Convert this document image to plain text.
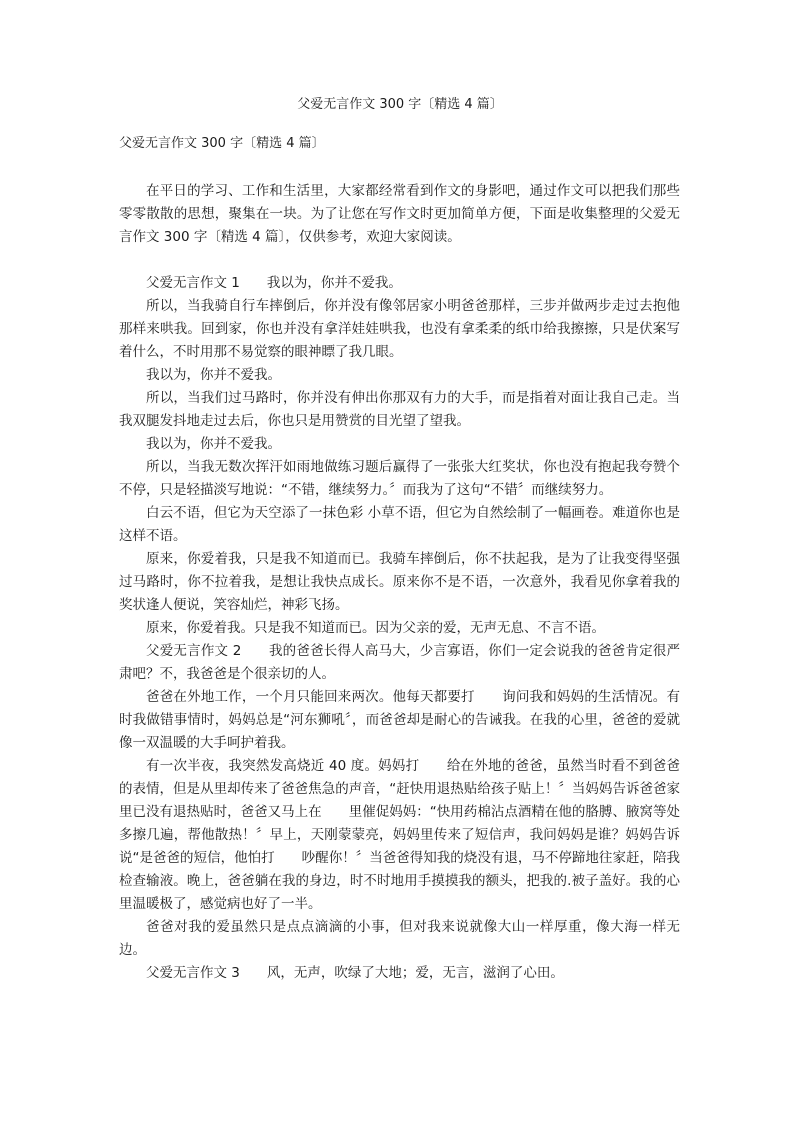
父爱无言作文 300 字〔精选 4 篇〕
父爱无言作文 300 字〔精选 4 篇〕

在平日的学习、工作和生活里，大家都经常看到作文的身影吧，通过作文可以把我们那些零零散散的思想，聚集在一块。为了让您在写作文时更加简单方便，下面是收集整理的父爱无言作文 300 字〔精选 4 篇〕，仅供参考，欢迎大家阅读。

父爱无言作文 1　　我以为，你并不爱我。

所以，当我骑自行车摔倒后，你并没有像邻居家小明爸爸那样，三步并做两步走过去抱他那样来哄我。回到家，你也并没有拿洋娃娃哄我，也没有拿柔柔的纸巾给我擦擦，只是伏案写着什么，不时用那不易觉察的眼神瞟了我几眼。

我以为，你并不爱我。

所以，当我们过马路时，你并没有伸出你那双有力的大手，而是指着对面让我自己走。当我双腿发抖地走过去后，你也只是用赞赏的目光望了望我。

我以为，你并不爱我。

所以，当我无数次挥汗如雨地做练习题后赢得了一张张大红奖状，你也没有抱起我夸赞个不停，只是轻描淡写地说：“不错，继续努力。〞而我为了这句“不错〞而继续努力。

白云不语，但它为天空添了一抹色彩 小草不语，但它为自然绘制了一幅画卷。难道你也是这样不语。

原来，你爱着我，只是我不知道而已。我骑车摔倒后，你不扶起我，是为了让我变得坚强 过马路时，你不拉着我，是想让我快点成长。原来你不是不语，一次意外，我看见你拿着我的奖状逢人便说，笑容灿烂，神彩飞扬。

原来，你爱着我。只是我不知道而已。因为父亲的爱，无声无息、不言不语。

父爱无言作文 2　　我的爸爸长得人高马大，少言寡语，你们一定会说我的爸爸肯定很严肃吧？不，我爸爸是个很亲切的人。

爸爸在外地工作，一个月只能回来两次。他每天都要打　　询问我和妈妈的生活情况。有时我做错事情时，妈妈总是“河东狮吼〞，而爸爸却是耐心的告诫我。在我的心里，爸爸的爱就像一双温暖的大手呵护着我。

有一次半夜，我突然发高烧近 40 度。妈妈打　　给在外地的爸爸，虽然当时看不到爸爸的表情，但是从里却传来了爸爸焦急的声音，“赶快用退热贴给孩子贴上！〞当妈妈告诉爸爸家里已没有退热贴时，爸爸又马上在　　里催促妈妈：“快用药棉沾点酒精在他的胳膊、腋窝等处多擦几遍，帮他散热！〞早上，天刚蒙蒙亮，妈妈里传来了短信声，我问妈妈是谁？妈妈告诉说“是爸爸的短信，他怕打　　吵醒你！〞当爸爸得知我的烧没有退，马不停蹄地往家赶，陪我检查输液。晚上，爸爸躺在我的身边，时不时地用手摸摸我的额头，把我的.被子盖好。我的心里温暖极了，感觉病也好了一半。

爸爸对我的爱虽然只是点点滴滴的小事，但对我来说就像大山一样厚重，像大海一样无边。

父爱无言作文 3　　风，无声，吹绿了大地；爱，无言，滋润了心田。
